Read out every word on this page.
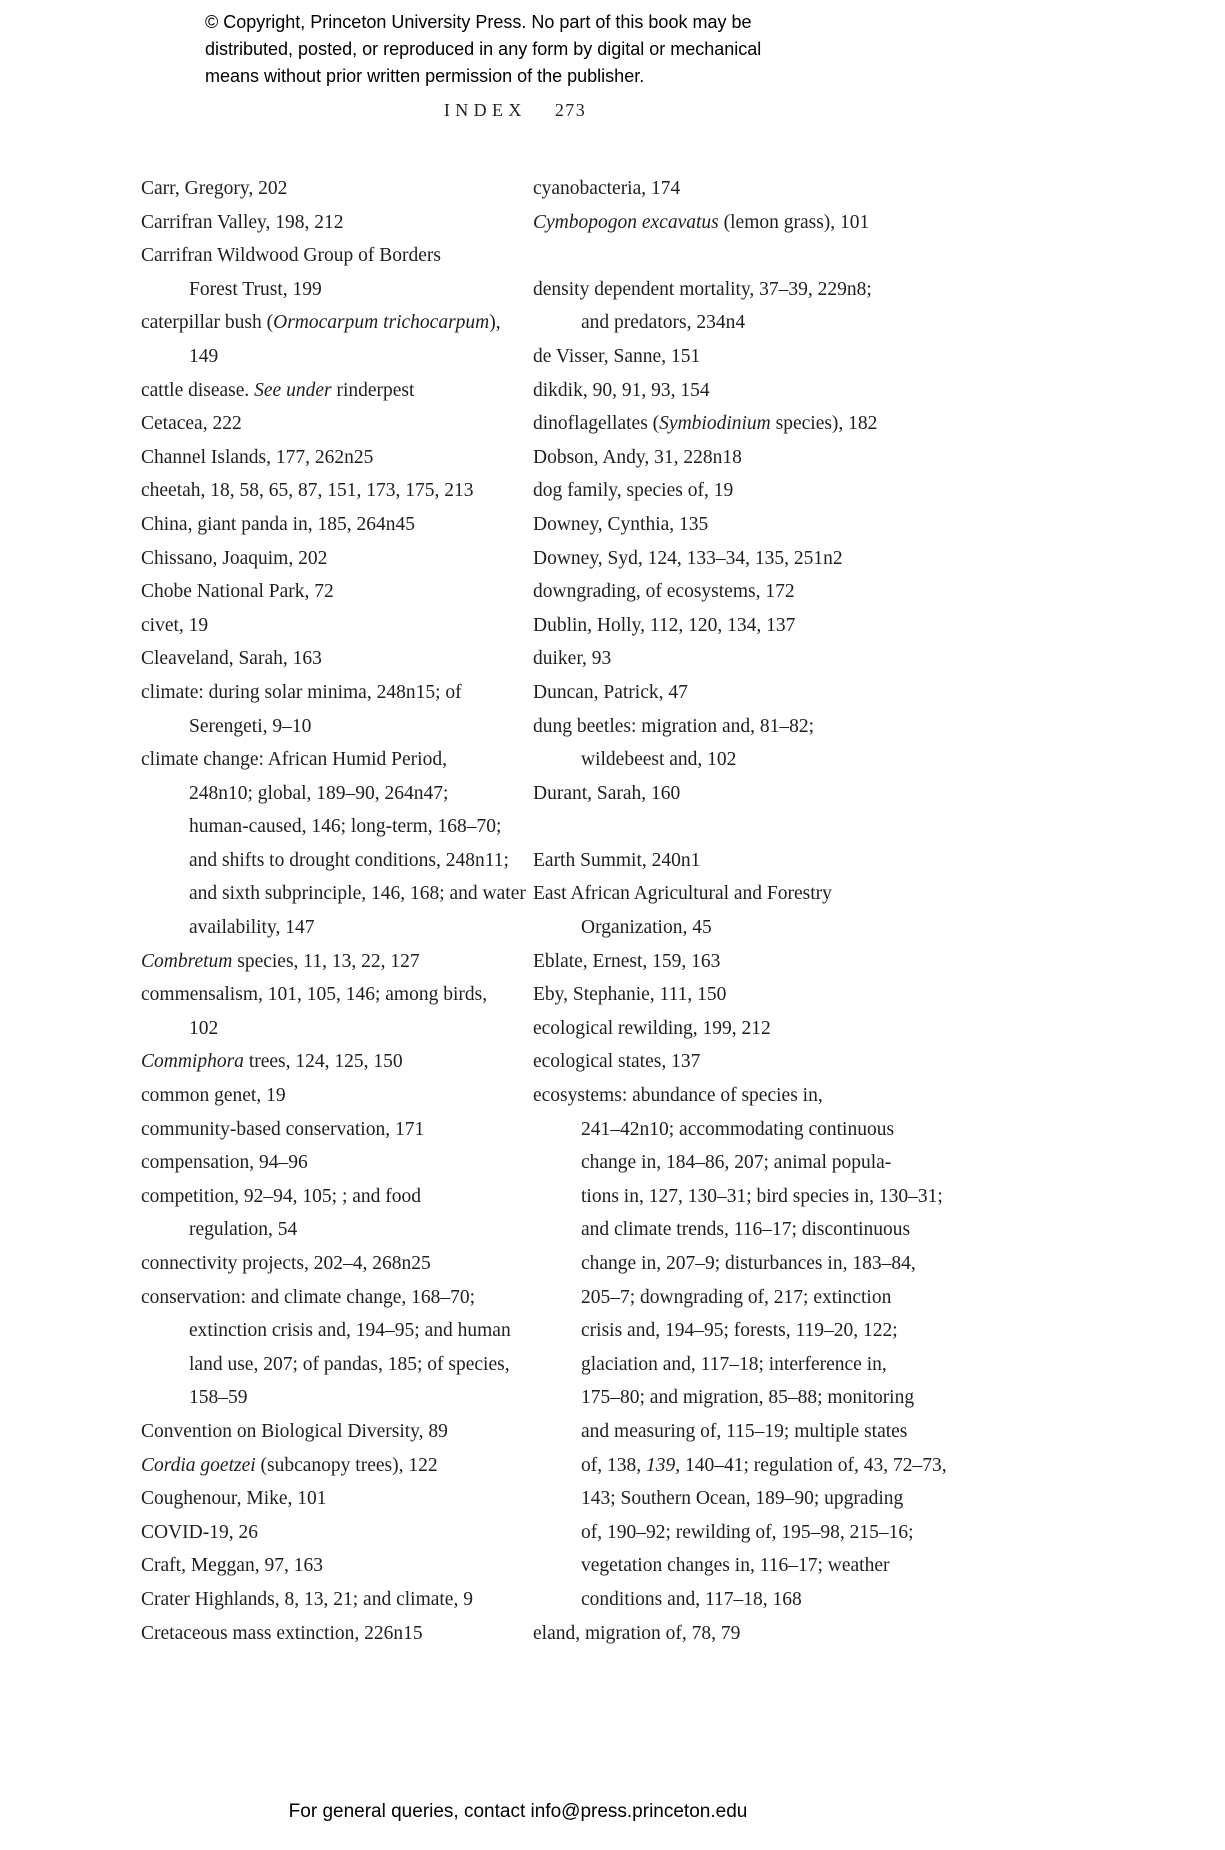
© Copyright, Princeton University Press. No part of this book may be
distributed, posted, or reproduced in any form by digital or mechanical
means without prior written permission of the publisher.
INDEX 273
Carr, Gregory, 202
Carrifran Valley, 198, 212
Carrifran Wildwood Group of Borders
Forest Trust, 199
caterpillar bush (Ormocarpum trichocarpum),
149
cattle disease. See under rinderpest
Cetacea, 222
Channel Islands, 177, 262n25
cheetah, 18, 58, 65, 87, 151, 173, 175, 213
China, giant panda in, 185, 264n45
Chissano, Joaquim, 202
Chobe National Park, 72
civet, 19
Cleaveland, Sarah, 163
climate: during solar minima, 248n15; of
Serengeti, 9–10
climate change: African Humid Period,
248n10; global, 189–90, 264n47;
human-caused, 146; long-term, 168–70;
and shifts to drought conditions, 248n11;
and sixth subprinciple, 146, 168; and water
availability, 147
Combretum species, 11, 13, 22, 127
commensalism, 101, 105, 146; among birds,
102
Commiphora trees, 124, 125, 150
common genet, 19
community-based conservation, 171
compensation, 94–96
competition, 92–94, 105; ; and food
regulation, 54
connectivity projects, 202–4, 268n25
conservation: and climate change, 168–70;
extinction crisis and, 194–95; and human
land use, 207; of pandas, 185; of species,
158–59
Convention on Biological Diversity, 89
Cordia goetzei (subcanopy trees), 122
Coughenour, Mike, 101
COVID-19, 26
Craft, Meggan, 97, 163
Crater Highlands, 8, 13, 21; and climate, 9
Cretaceous mass extinction, 226n15
cyanobacteria, 174
Cymbopogon excavatus (lemon grass), 101
density dependent mortality, 37–39, 229n8;
and predators, 234n4
de Visser, Sanne, 151
dikdik, 90, 91, 93, 154
dinoflagellates (Symbiodinium species), 182
Dobson, Andy, 31, 228n18
dog family, species of, 19
Downey, Cynthia, 135
Downey, Syd, 124, 133–34, 135, 251n2
downgrading, of ecosystems, 172
Dublin, Holly, 112, 120, 134, 137
duiker, 93
Duncan, Patrick, 47
dung beetles: migration and, 81–82;
wildebeest and, 102
Durant, Sarah, 160
Earth Summit, 240n1
East African Agricultural and Forestry
Organization, 45
Eblate, Ernest, 159, 163
Eby, Stephanie, 111, 150
ecological rewilding, 199, 212
ecological states, 137
ecosystems: abundance of species in,
241–42n10; accommodating continuous
change in, 184–86, 207; animal popula-
tions in, 127, 130–31; bird species in, 130–31;
and climate trends, 116–17; discontinuous
change in, 207–9; disturbances in, 183–84,
205–7; downgrading of, 217; extinction
crisis and, 194–95; forests, 119–20, 122;
glaciation and, 117–18; interference in,
175–80; and migration, 85–88; monitoring
and measuring of, 115–19; multiple states
of, 138, 139, 140–41; regulation of, 43, 72–73,
143; Southern Ocean, 189–90; upgrading
of, 190–92; rewilding of, 195–98, 215–16;
vegetation changes in, 116–17; weather
conditions and, 117–18, 168
eland, migration of, 78, 79
For general queries, contact info@press.princeton.edu
